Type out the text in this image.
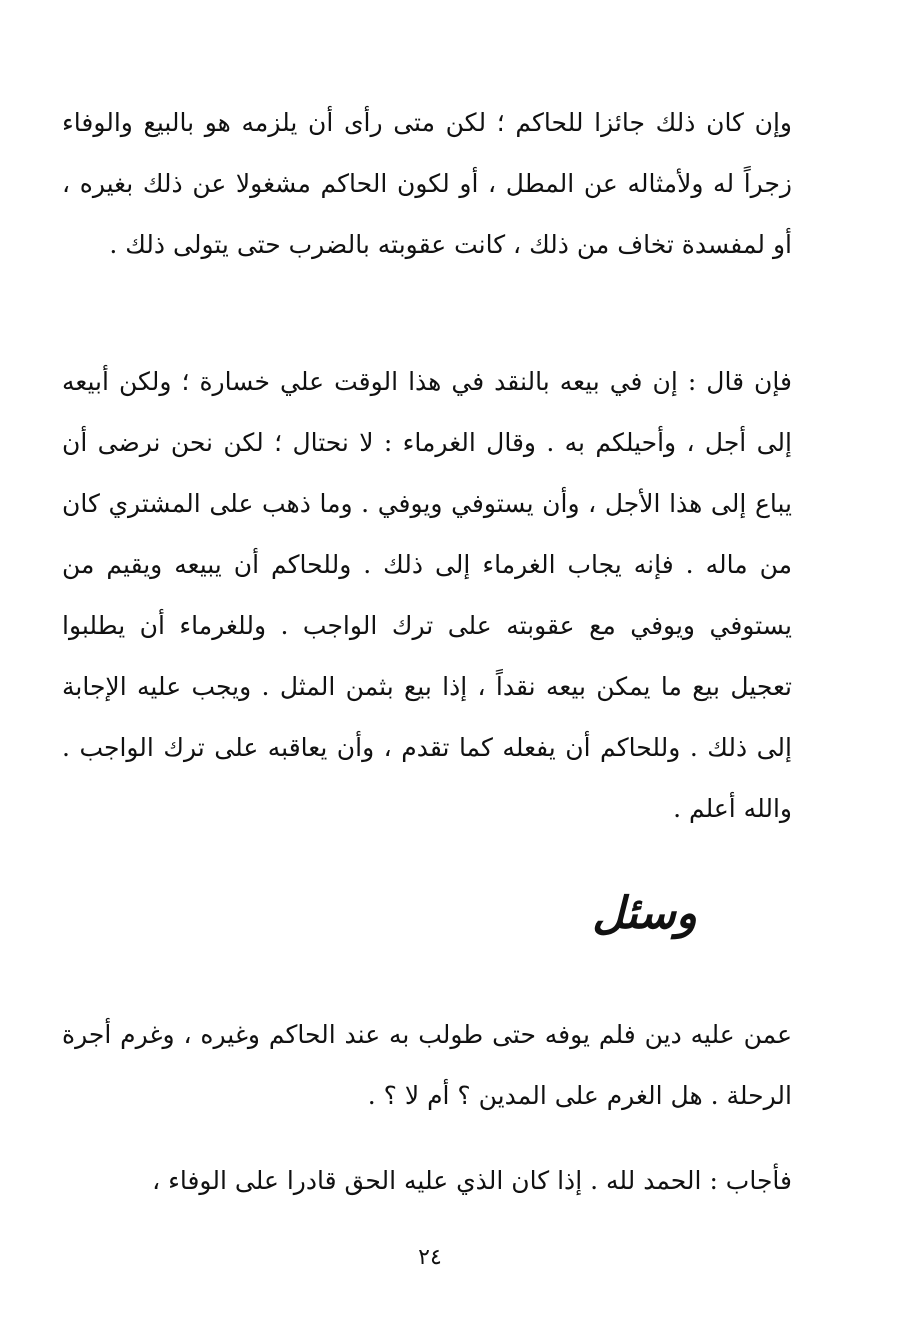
وإن كان ذلك جائزا للحاكم ؛ لكن متى رأى أن يلزمه هو بالبيع والوفاء زجراً له ولأمثاله عن المطل ، أو لكون الحاكم مشغولا عن ذلك بغيره ، أو لمفسدة تخاف من ذلك ، كانت عقوبته بالضرب حتى يتولى ذلك .

فإن قال : إن في بيعه بالنقد في هذا الوقت علي خسارة ؛ ولكن أبيعه إلى أجل ، وأحيلكم به . وقال الغرماء : لا نحتال ؛ لكن نحن نرضى أن يباع إلى هذا الأجل ، وأن يستوفي ويوفي . وما ذهب على المشتري كان من ماله . فإنه يجاب الغرماء إلى ذلك . وللحاكم أن يبيعه ويقيم من يستوفي ويوفي مع عقوبته على ترك الواجب . وللغرماء أن يطلبوا تعجيل بيع ما يمكن بيعه نقداً ، إذا بيع بثمن المثل . ويجب عليه الإجابة إلى ذلك . وللحاكم أن يفعله كما تقدم ، وأن يعاقبه على ترك الواجب . والله أعلم .

وسئل

عمن عليه دين فلم يوفه حتى طولب به عند الحاكم وغيره ، وغرم أجرة الرحلة . هل الغرم على المدين ؟ أم لا ؟ .

فأجاب : الحمد لله . إذا كان الذي عليه الحق قادرا على الوفاء ،

٢٤
